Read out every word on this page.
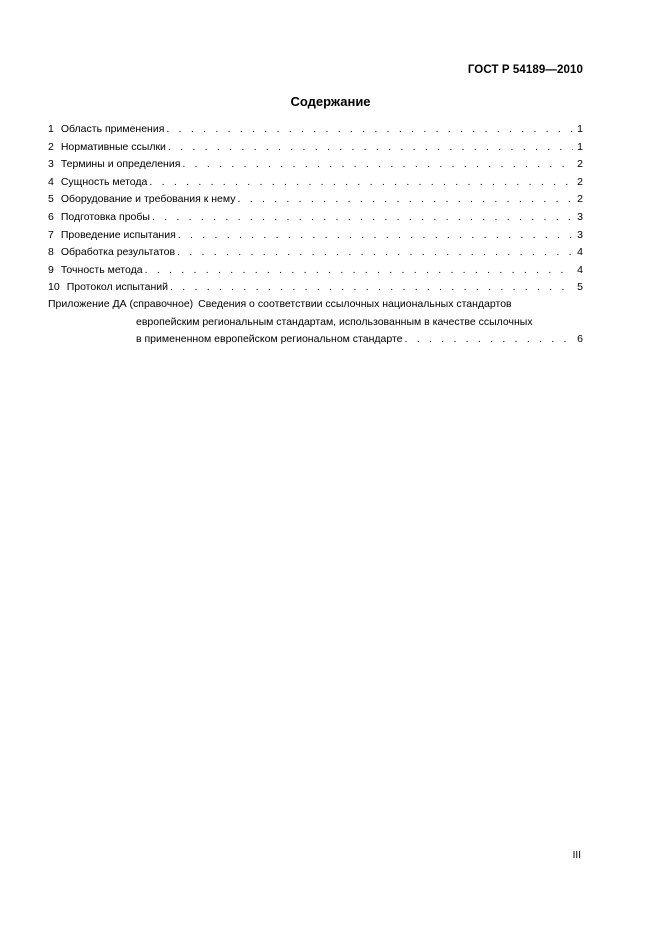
ГОСТ Р 54189—2010
Содержание
1 Область применения . . .	1
2 Нормативные ссылки . . .	1
3 Термины и определения . . .	2
4 Сущность метода . . .	2
5 Оборудование и требования к нему . . .	2
6 Подготовка пробы . . .	3
7 Проведение испытания . . .	3
8 Обработка результатов . . .	4
9 Точность метода . . .	4
10 Протокол испытаний . . .	5
Приложение ДА (справочное) Сведения о соответствии ссылочных национальных стандартов
европейским региональным стандартам, использованным в качестве ссылочных
в примененном европейском региональном стандарте . . .	6
III
